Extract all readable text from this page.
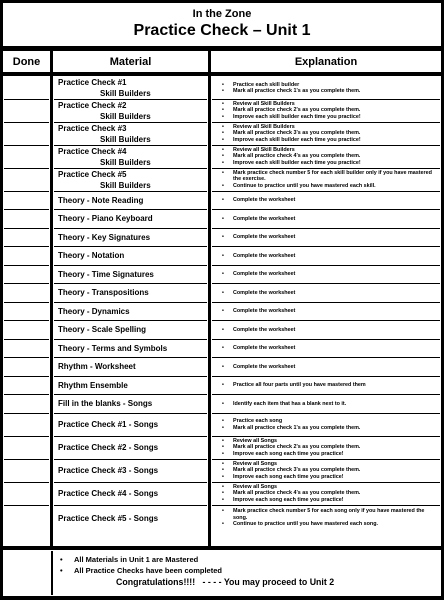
In the Zone
Practice Check – Unit 1
Done	Material	Explanation
Practice Check #1
Skill Builders
Practice Check #2
Skill Builders
Practice Check #3
Skill Builders
Practice Check #4
Skill Builders
Practice Check #5
Skill Builders
Theory - Note Reading
Theory - Piano Keyboard
Theory - Key Signatures
Theory - Notation
Theory - Time Signatures
Theory - Transpositions
Theory - Dynamics
Theory - Scale Spelling
Theory - Terms and Symbols
Rhythm - Worksheet
Rhythm Ensemble
Fill in the blanks - Songs
Practice Check #1 - Songs
Practice Check #2 - Songs
Practice Check #3 - Songs
Practice Check #4 - Songs
Practice Check #5 - Songs
• Practice each skill builder
• Mark all practice check 1's as you complete them.
• Review all Skill Builders
• Mark all practice check 2's as you complete them.
• Improve each skill builder each time you practice!
• Review all Skill Builders
• Mark all practice check 3's as you complete them.
• Improve each skill builder each time you practice!
• Review all Skill Builders
• Mark all practice check 4's as you complete them.
• Improve each skill builder each time you practice!
• Mark practice check number 5 for each skill builder only if you have mastered the exercise.
• Continue to practice until you have mastered each skill.
• Complete the worksheet
• Complete the worksheet
• Complete the worksheet
• Complete the worksheet
• Complete the worksheet
• Complete the worksheet
• Complete the worksheet
• Complete the worksheet
• Complete the worksheet
• Complete the worksheet
• Practice all four parts until you have mastered them
• Identify each item that has a blank next to it.
• Practice each song
• Mark all practice check 1's as you complete them.
• Review all Songs
• Mark all practice check 2's as you complete them.
• Improve each song each time you practice!
• Review all Songs
• Mark all practice check 3's as you complete them.
• Improve each song each time you practice!
• Review all Songs
• Mark all practice check 4's as you complete them.
• Improve each song each time you practice!
• Mark practice check number 5 for each song only if you have mastered the song.
• Continue to practice until you have mastered each song.
• All Materials in Unit 1 are Mastered
• All Practice Checks have been completed
Congratulations!!!!   - - - - You may proceed to Unit 2
